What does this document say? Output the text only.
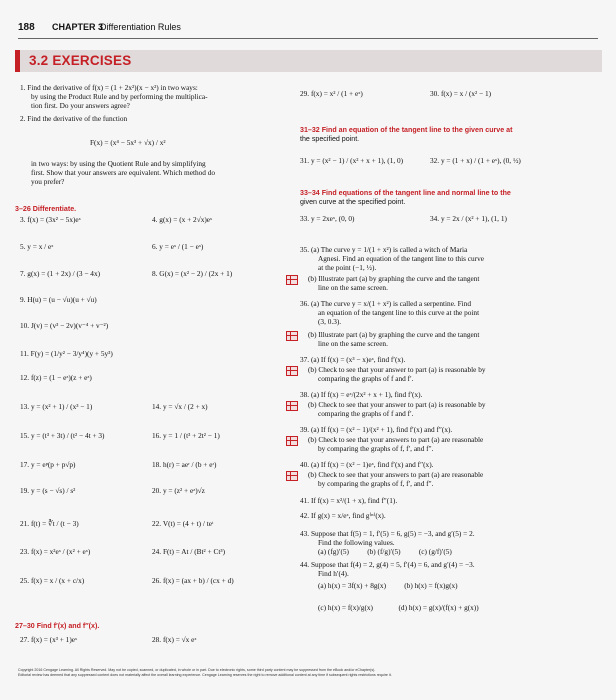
188 CHAPTER 3
Differentiation Rules
3.2 EXERCISES
1. Find the derivative of f(x) = (1 + 2x²)(x − x²) in two ways:
by using the Product Rule and by performing the multiplica-
tion first. Do your answers agree?
2. Find the derivative of the function
F(x) = (x⁴ − 5x³ + √x) / x²
in two ways: by using the Quotient Rule and by simplifying
first. Show that your answers are equivalent. Which method do
you prefer?
3–26 Differentiate.
3. f(x) = (3x² − 5x)eˣ	4. g(x) = (x + 2√x)eˣ
5. y = x / eˣ	6. y = eˣ / (1 − eˣ)
7. g(x) = (1 + 2x) / (3 − 4x)	8. G(x) = (x² − 2) / (2x + 1)
9. H(u) = (u − √u)(u + √u)
10. J(v) = (v³ − 2v)(v⁻⁴ + v⁻²)
11. F(y) = (1/y² − 3/y⁴)(y + 5y³)
12. f(z) = (1 − eᶻ)(z + eᶻ)
13. y = (x² + 1) / (x³ − 1)	14. y = √x / (2 + x)
15. y = (t³ + 3t) / (t² − 4t + 3)	16. y = 1 / (t³ + 2t² − 1)
17. y = eᵖ(p + p√p)	18. h(r) = aeʳ / (b + eʳ)
19. y = (s − √s) / s²	20. y = (z² + eᶻ)√z
21. f(t) = ∛t / (t − 3)	22. V(t) = (4 + t) / teᵗ
23. f(x) = x²eˣ / (x² + eˣ)	24. F(t) = At / (Bt² + Ct³)
25. f(x) = x / (x + c/x)	26. f(x) = (ax + b) / (cx + d)
27–30 Find f′(x) and f″(x).
27. f(x) = (x³ + 1)eˣ	28. f(x) = √x eˣ
29. f(x) = x² / (1 + eˣ)	30. f(x) = x / (x² − 1)
31–32 Find an equation of the tangent line to the given curve at
the specified point.
31. y = (x² − 1) / (x² + x + 1), (1, 0)	32. y = (1 + x) / (1 + eˣ), (0, ½)
33–34 Find equations of the tangent line and normal line to the
given curve at the specified point.
33. y = 2xeˣ, (0, 0)	34. y = 2x / (x² + 1), (1, 1)
35. (a) The curve y = 1/(1 + x²) is called a witch of Maria
Agnesi. Find an equation of the tangent line to this curve
at the point (−1, ½).
(b) Illustrate part (a) by graphing the curve and the tangent
line on the same screen.
36. (a) The curve y = x/(1 + x²) is called a serpentine. Find
an equation of the tangent line to this curve at the point
(3, 0.3).
(b) Illustrate part (a) by graphing the curve and the tangent
line on the same screen.
37. (a) If f(x) = (x³ − x)eˣ, find f′(x).
(b) Check to see that your answer to part (a) is reasonable by
comparing the graphs of f and f′.
38. (a) If f(x) = eˣ/(2x² + x + 1), find f′(x).
(b) Check to see that your answer to part (a) is reasonable by
comparing the graphs of f and f′.
39. (a) If f(x) = (x² − 1)/(x² + 1), find f′(x) and f″(x).
(b) Check to see that your answers to part (a) are reasonable
by comparing the graphs of f, f′, and f″.
40. (a) If f(x) = (x² − 1)eˣ, find f′(x) and f″(x).
(b) Check to see that your answers to part (a) are reasonable
by comparing the graphs of f, f′, and f″.
41. If f(x) = x²/(1 + x), find f″(1).
42. If g(x) = x/eˣ, find g⁽ⁿ⁾(x).
43. Suppose that f(5) = 1, f′(5) = 6, g(5) = −3, and g′(5) = 2.
Find the following values.
(a) (fg)′(5)          (b) (f/g)′(5)          (c) (g/f)′(5)
44. Suppose that f(4) = 2, g(4) = 5, f′(4) = 6, and g′(4) = −3.
Find h′(4).
(a) h(x) = 3f(x) + 8g(x)          (b) h(x) = f(x)g(x)
(c) h(x) = f(x)/g(x)              (d) h(x) = g(x)/(f(x) + g(x))
Copyright 2016 Cengage Learning. All Rights Reserved. May not be copied, scanned, or duplicated, in whole or in part. Due to electronic rights, some third party content may be suppressed from the eBook and/or eChapter(s).
Editorial review has deemed that any suppressed content does not materially affect the overall learning experience. Cengage Learning reserves the right to remove additional content at any time if subsequent rights restrictions require it.
